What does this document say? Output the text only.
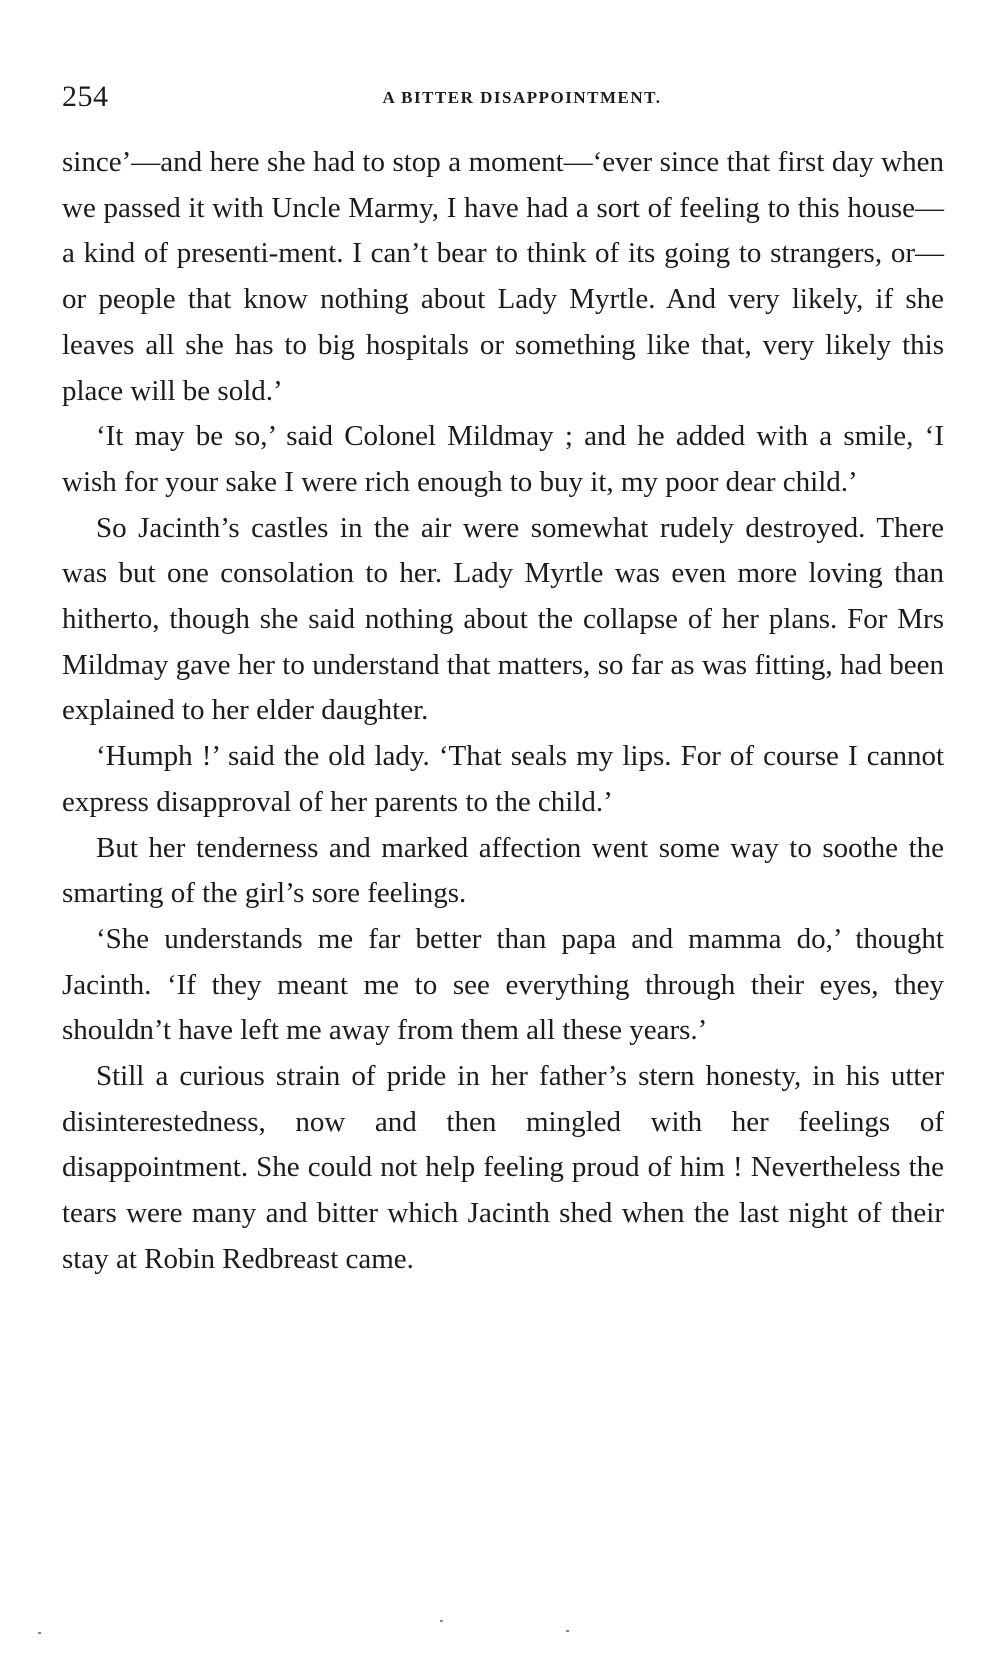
254	A BITTER DISAPPOINTMENT.

since’—and here she had to stop a moment—‘ever since that first day when we passed it with Uncle Marmy, I have had a sort of feeling to this house—a kind of presenti-ment. I can’t bear to think of its going to strangers, or— or people that know nothing about Lady Myrtle. And very likely, if she leaves all she has to big hospitals or something like that, very likely this place will be sold.’

‘It may be so,’ said Colonel Mildmay ; and he added with a smile, ‘I wish for your sake I were rich enough to buy it, my poor dear child.’

So Jacinth’s castles in the air were somewhat rudely destroyed. There was but one consolation to her. Lady Myrtle was even more loving than hitherto, though she said nothing about the collapse of her plans. For Mrs Mildmay gave her to understand that matters, so far as was fitting, had been explained to her elder daughter.

‘Humph !’ said the old lady. ‘That seals my lips. For of course I cannot express disapproval of her parents to the child.’

But her tenderness and marked affection went some way to soothe the smarting of the girl’s sore feelings.

‘She understands me far better than papa and mamma do,’ thought Jacinth. ‘If they meant me to see everything through their eyes, they shouldn’t have left me away from them all these years.’

Still a curious strain of pride in her father’s stern honesty, in his utter disinterestedness, now and then mingled with her feelings of disappointment. She could not help feeling proud of him ! Nevertheless the tears were many and bitter which Jacinth shed when the last night of their stay at Robin Redbreast came.
